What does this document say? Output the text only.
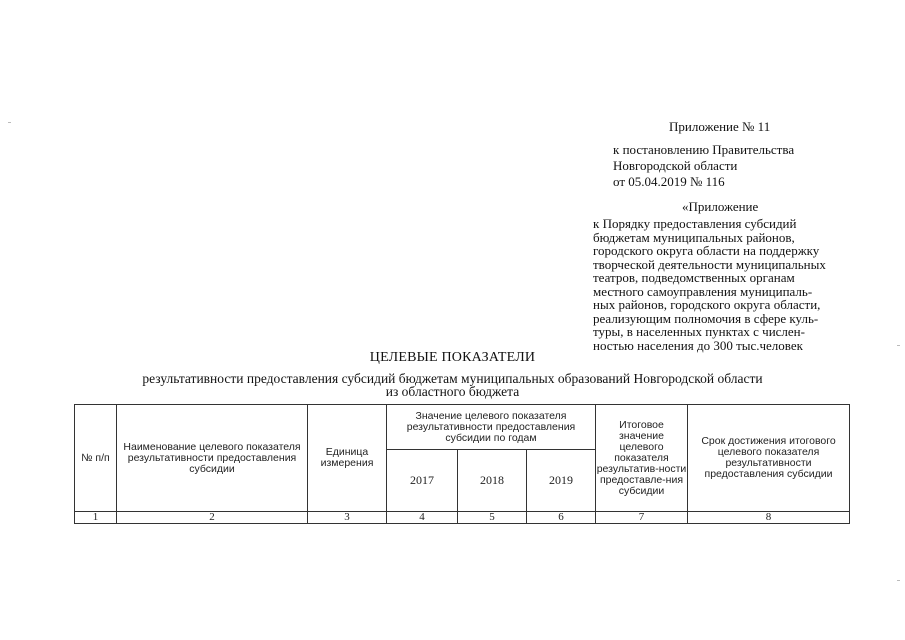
Приложение № 11
к постановлению Правительства
Новгородской области
от 05.04.2019 № 116
«Приложение
к Порядку предоставления субсидий
бюджетам муниципальных районов,
городского округа области на поддержку
творческой деятельности муниципальных
театров, подведомственных органам
местного самоуправления муниципаль-
ных районов, городского округа области,
реализующим полномочия в сфере куль-
туры, в населенных пунктах с числен-
ностью населения до 300 тыс.человек
ЦЕЛЕВЫЕ ПОКАЗАТЕЛИ
результативности предоставления субсидий бюджетам муниципальных образований Новгородской области
из областного бюджета
№ п/п	Наименование целевого показателя результативности предоставления субсидии	Единица измерения	Значение целевого показателя результативности предоставления субсидии по годам			Итоговое значение целевого показателя результатив-ности предоставле-ния субсидии	Срок достижения итогового целевого показателя результативности предоставления субсидии
			2017	2018	2019		
1	2	3	4	5	6	7	8
